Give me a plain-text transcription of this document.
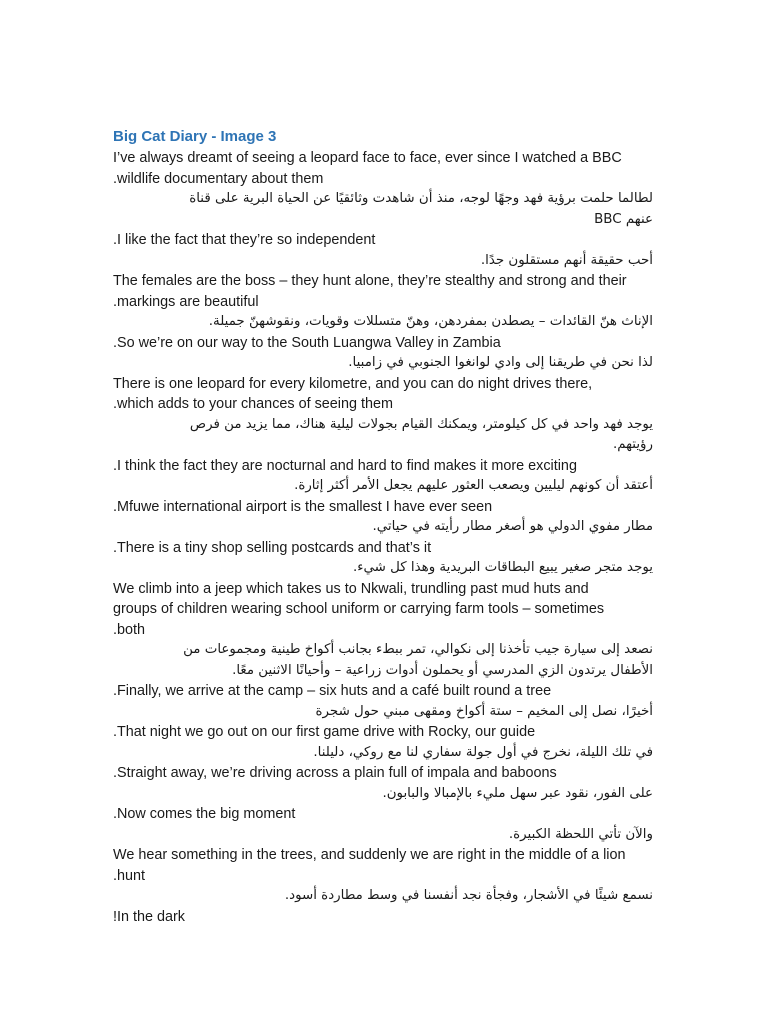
Big Cat Diary - Image 3
I’ve always dreamt of seeing a leopard face to face, ever since I watched a BBC
.wildlife documentary about them
لطالما حلمت برؤية فهد وجهًا لوجه، منذ أن شاهدت وثائقيًا عن الحياة البرية على قناة
عنهم BBC
.I like the fact that they’re so independent
أحب حقيقة أنهم مستقلون جدًا.
The females are the boss – they hunt alone, they’re stealthy and strong and their
.markings are beautiful
الإناث هنّ القائدات – يصطدن بمفردهن، وهنّ متسللات وقويات، ونقوشهنّ جميلة.
.So we’re on our way to the South Luangwa Valley in Zambia
لذا نحن في طريقنا إلى وادي لوانغوا الجنوبي في زامبيا.
There is one leopard for every kilometre, and you can do night drives there,
.which adds to your chances of seeing them
يوجد فهد واحد في كل كيلومتر، ويمكنك القيام بجولات ليلية هناك، مما يزيد من فرص
رؤيتهم.
.I think the fact they are nocturnal and hard to find makes it more exciting
أعتقد أن كونهم ليليين ويصعب العثور عليهم يجعل الأمر أكثر إثارة.
.Mfuwe international airport is the smallest I have ever seen
مطار مفوي الدولي هو أصغر مطار رأيته في حياتي.
.There is a tiny shop selling postcards and that’s it
يوجد متجر صغير يبيع البطاقات البريدية وهذا كل شيء.
We climb into a jeep which takes us to Nkwali, trundling past mud huts and
groups of children wearing school uniform or carrying farm tools – sometimes
.both
نصعد إلى سيارة جيب تأخذنا إلى نكوالي، تمر ببطء بجانب أكواخ طينية ومجموعات من
الأطفال يرتدون الزي المدرسي أو يحملون أدوات زراعية – وأحيانًا الاثنين معًا.
.Finally, we arrive at the camp – six huts and a café built round a tree
أخيرًا، نصل إلى المخيم – ستة أكواخ ومقهى مبني حول شجرة
.That night we go out on our first game drive with Rocky, our guide
في تلك الليلة، نخرج في أول جولة سفاري لنا مع روكي، دليلنا.
.Straight away, we’re driving across a plain full of impala and baboons
على الفور، نقود عبر سهل مليء بالإمبالا والبابون.
.Now comes the big moment
والآن تأتي اللحظة الكبيرة.
We hear something in the trees, and suddenly we are right in the middle of a lion
.hunt
نسمع شيئًا في الأشجار، وفجأة نجد أنفسنا في وسط مطاردة أسود.
!In the dark
